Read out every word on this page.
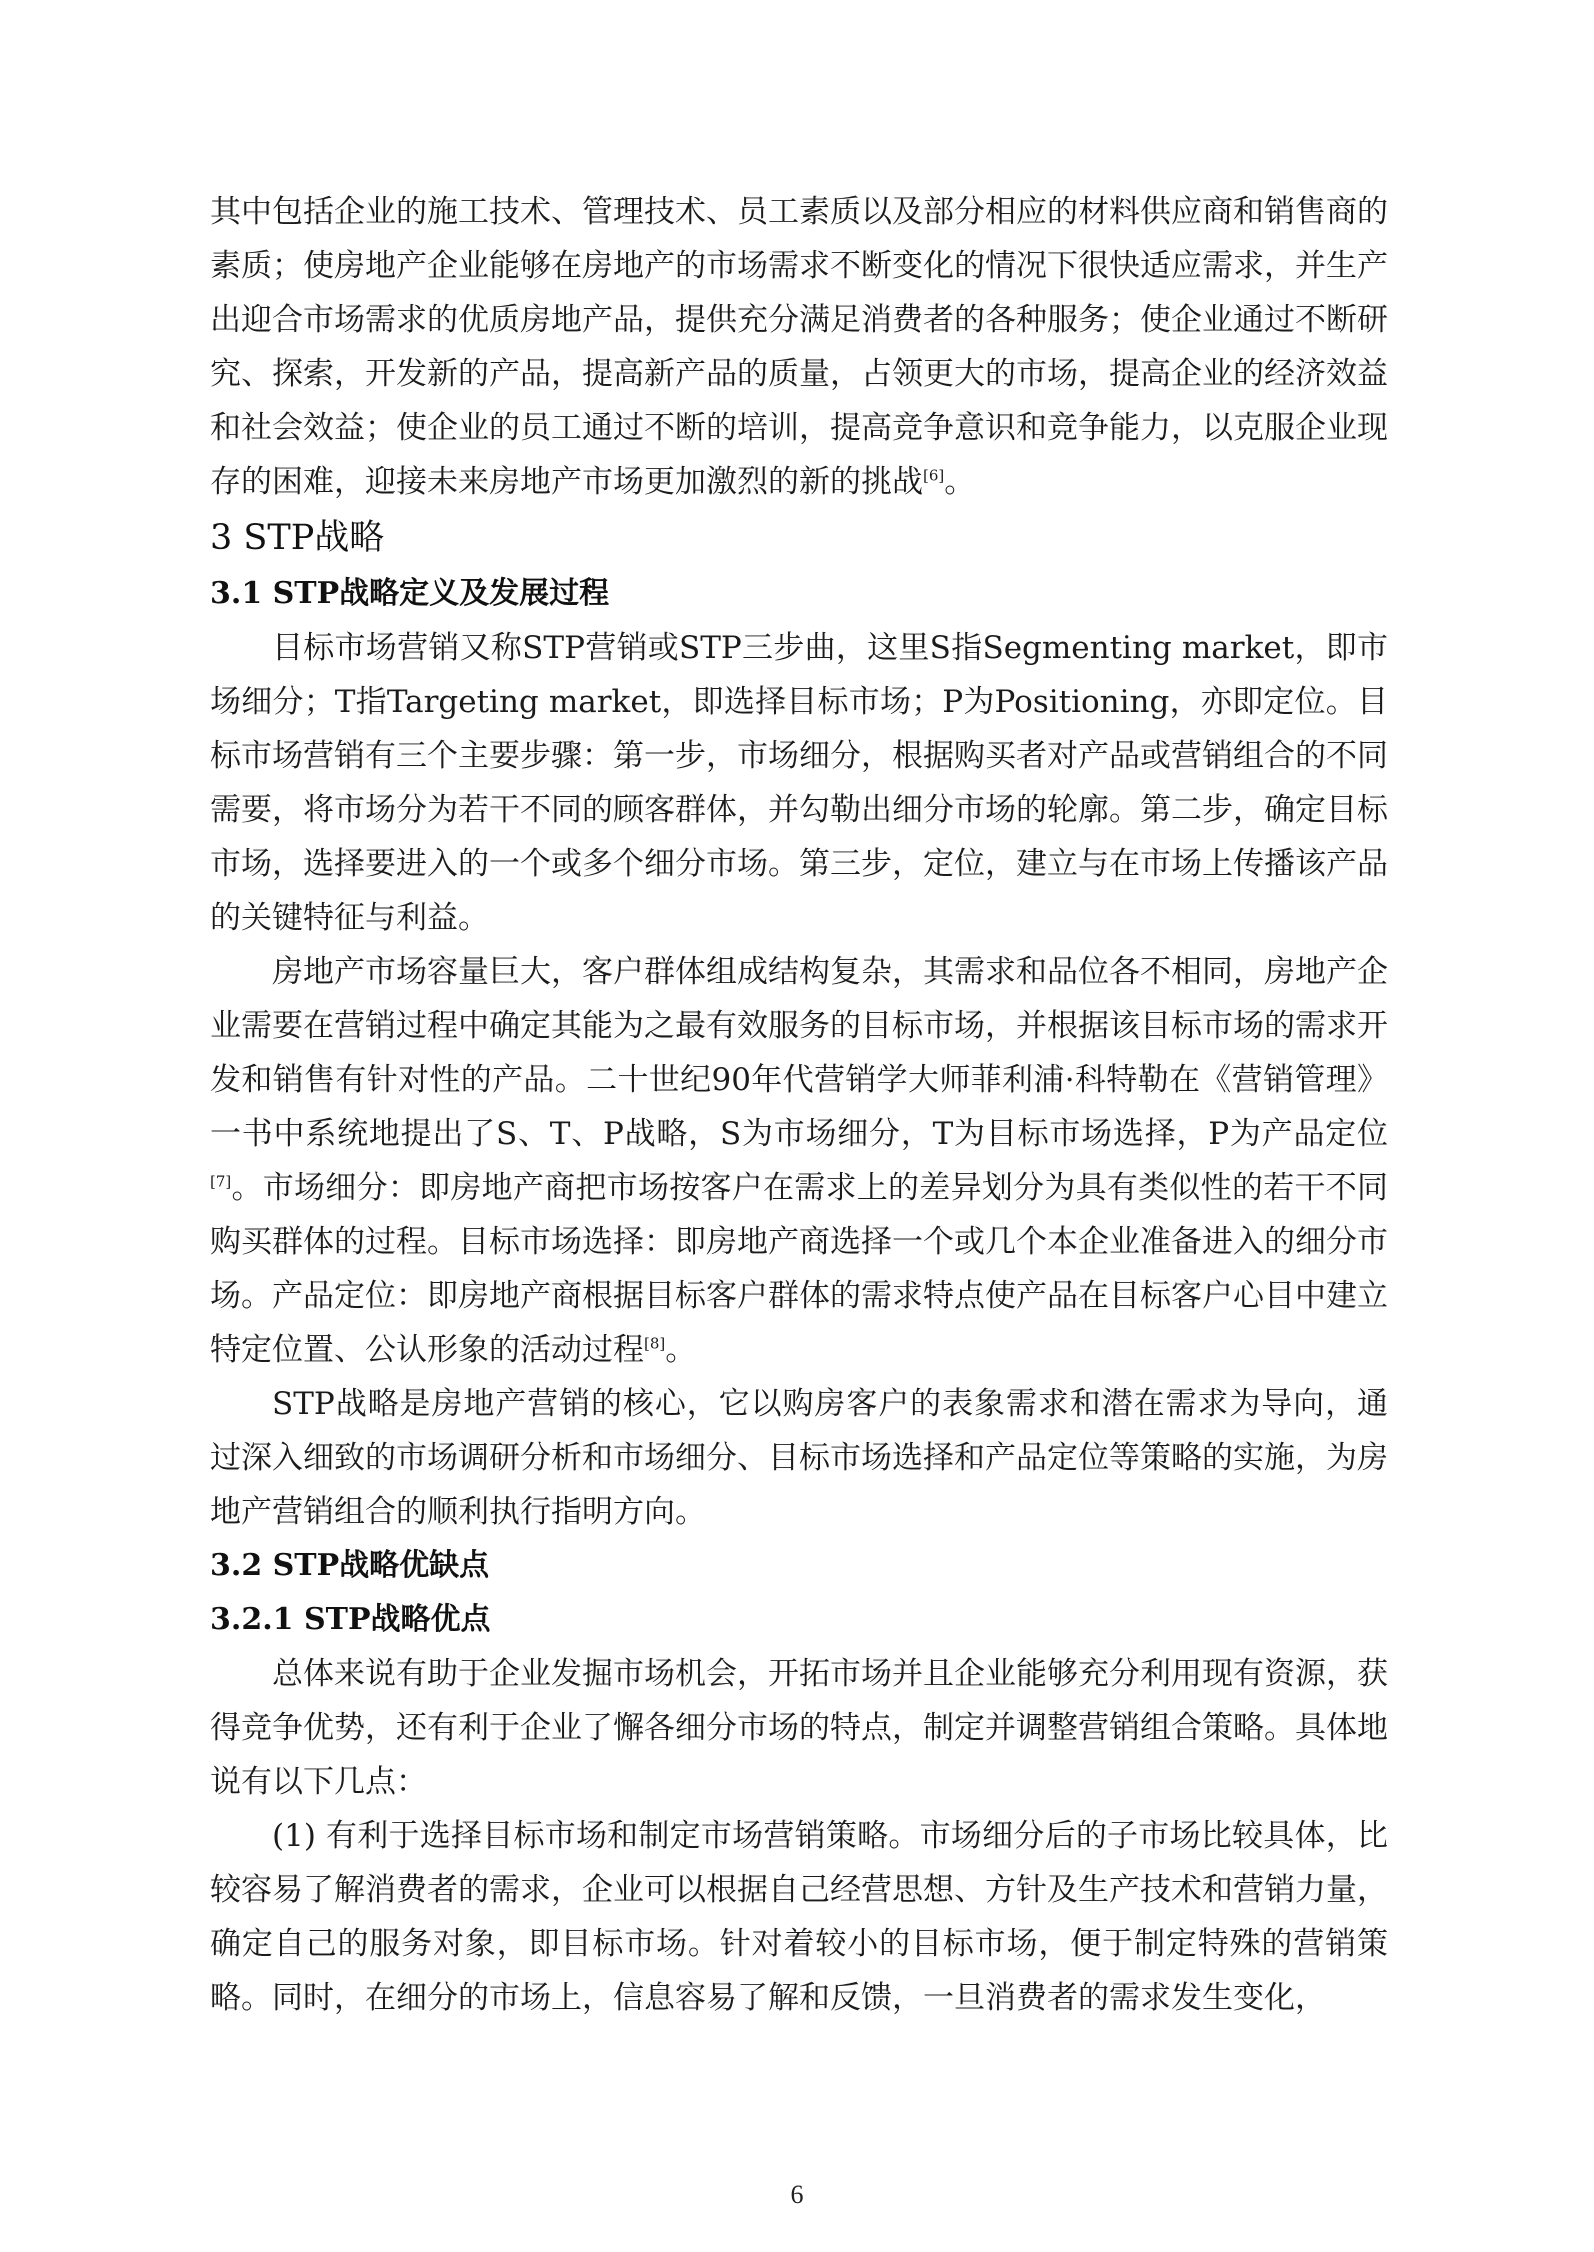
其中包括企业的施工技术、管理技术、员工素质以及部分相应的材料供应商和销售商的素质；使房地产企业能够在房地产的市场需求不断变化的情况下很快适应需求，并生产出迎合市场需求的优质房地产品，提供充分满足消费者的各种服务；使企业通过不断研究、探索，开发新的产品，提高新产品的质量，占领更大的市场，提高企业的经济效益和社会效益；使企业的员工通过不断的培训，提高竞争意识和竞争能力，以克服企业现存的困难，迎接未来房地产市场更加激烈的新的挑战[6]。

3 STP战略
3.1 STP战略定义及发展过程

目标市场营销又称STP营销或STP三步曲，这里S指Segmenting market，即市场细分；T指Targeting market，即选择目标市场；P为Positioning，亦即定位。目标市场营销有三个主要步骤：第一步，市场细分，根据购买者对产品或营销组合的不同需要，将市场分为若干不同的顾客群体，并勾勒出细分市场的轮廓。第二步，确定目标市场，选择要进入的一个或多个细分市场。第三步，定位，建立与在市场上传播该产品的关键特征与利益。

房地产市场容量巨大，客户群体组成结构复杂，其需求和品位各不相同，房地产企业需要在营销过程中确定其能为之最有效服务的目标市场，并根据该目标市场的需求开发和销售有针对性的产品。二十世纪90年代营销学大师菲利浦·科特勒在《营销管理》一书中系统地提出了S、T、P战略，S为市场细分，T为目标市场选择，P为产品定位[7]。市场细分：即房地产商把市场按客户在需求上的差异划分为具有类似性的若干不同购买群体的过程。目标市场选择：即房地产商选择一个或几个本企业准备进入的细分市场。产品定位：即房地产商根据目标客户群体的需求特点使产品在目标客户心目中建立特定位置、公认形象的活动过程[8]。

STP战略是房地产营销的核心，它以购房客户的表象需求和潜在需求为导向，通过深入细致的市场调研分析和市场细分、目标市场选择和产品定位等策略的实施，为房地产营销组合的顺利执行指明方向。

3.2 STP战略优缺点
3.2.1 STP战略优点

总体来说有助于企业发掘市场机会，开拓市场并且企业能够充分利用现有资源，获得竞争优势，还有利于企业了懈各细分市场的特点，制定并调整营销组合策略。具体地说有以下几点：

(1) 有利于选择目标市场和制定市场营销策略。市场细分后的子市场比较具体，比较容易了解消费者的需求，企业可以根据自己经营思想、方针及生产技术和营销力量，确定自己的服务对象，即目标市场。针对着较小的目标市场，便于制定特殊的营销策略。同时，在细分的市场上，信息容易了解和反馈，一旦消费者的需求发生变化，

6
